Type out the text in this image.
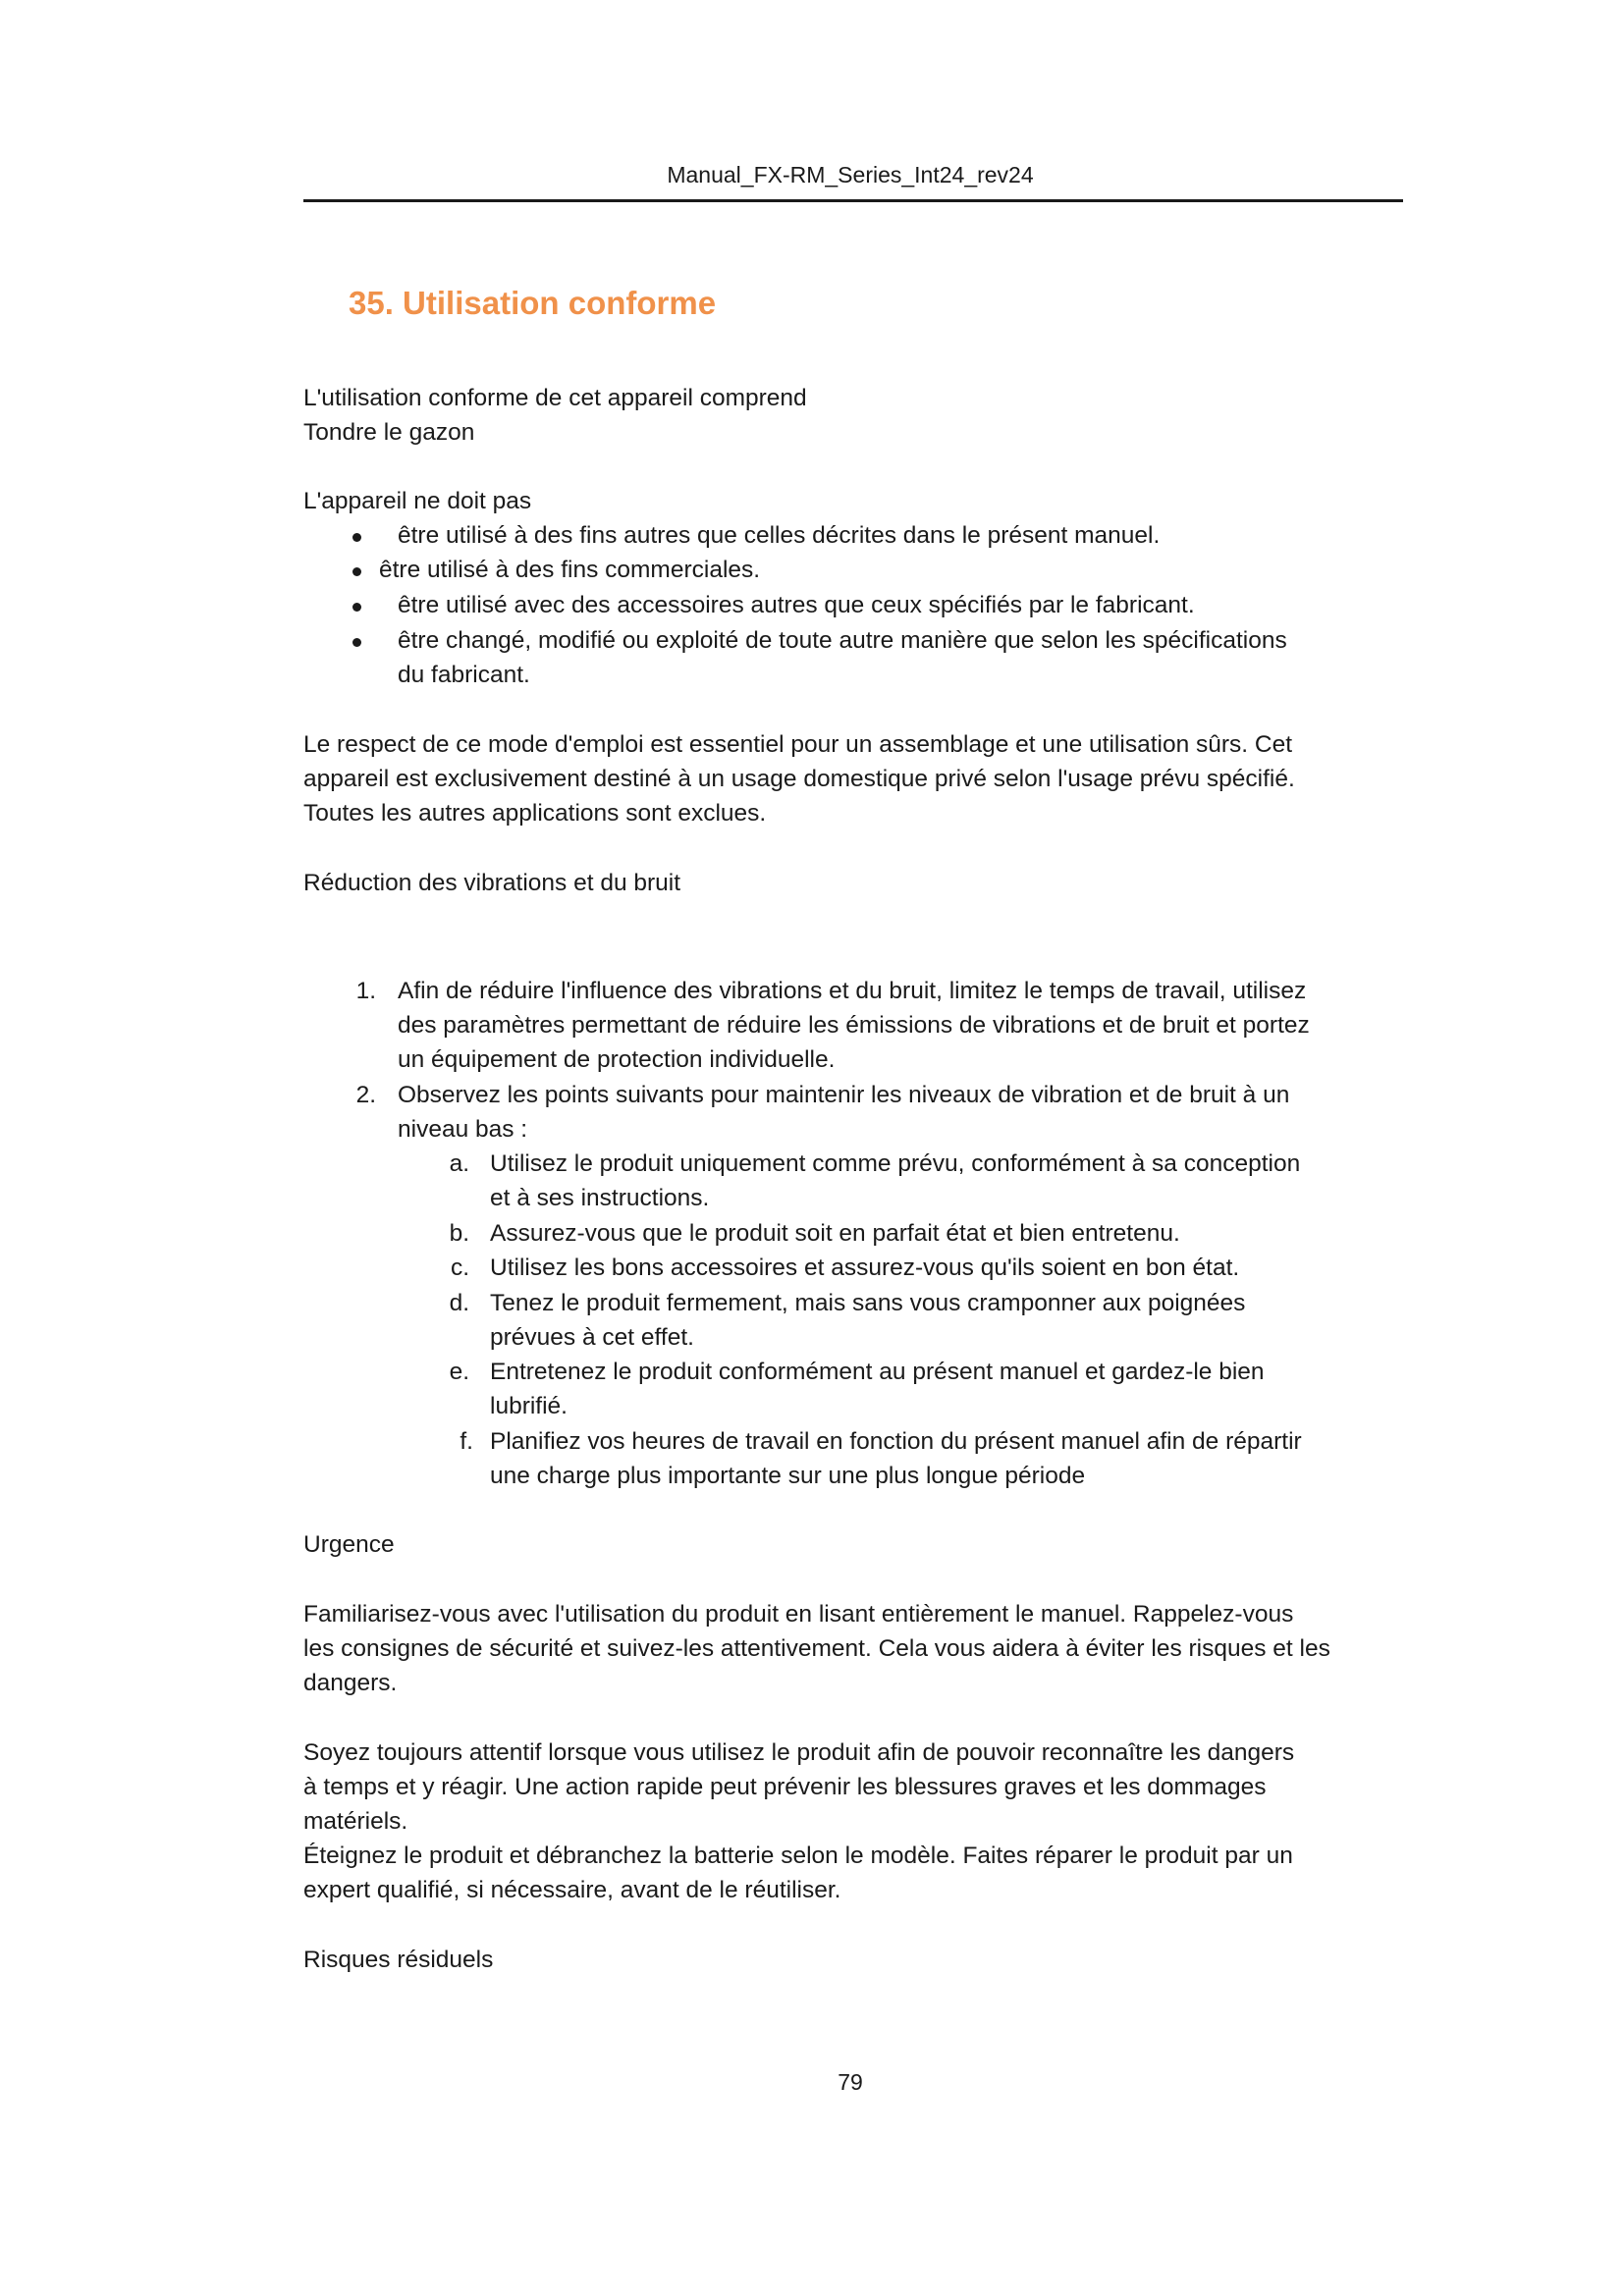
Manual_FX-RM_Series_Int24_rev24
35. Utilisation conforme
L'utilisation conforme de cet appareil comprend
Tondre le gazon
L'appareil ne doit pas
être utilisé à des fins autres que celles décrites dans le présent manuel.
être utilisé à des fins commerciales.
être utilisé avec des accessoires autres que ceux spécifiés par le fabricant.
être changé, modifié ou exploité de toute autre manière que selon les spécifications
du fabricant.
Le respect de ce mode d'emploi est essentiel pour un assemblage et une utilisation sûrs. Cet
appareil est exclusivement destiné à un usage domestique privé selon l'usage prévu spécifié.
Toutes les autres applications sont exclues.
Réduction des vibrations et du bruit
1. Afin de réduire l'influence des vibrations et du bruit, limitez le temps de travail, utilisez
des paramètres permettant de réduire les émissions de vibrations et de bruit et portez
un équipement de protection individuelle.
2. Observez les points suivants pour maintenir les niveaux de vibration et de bruit à un
niveau bas :
a. Utilisez le produit uniquement comme prévu, conformément à sa conception
et à ses instructions.
b. Assurez-vous que le produit soit en parfait état et bien entretenu.
c. Utilisez les bons accessoires et assurez-vous qu'ils soient en bon état.
d. Tenez le produit fermement, mais sans vous cramponner aux poignées
prévues à cet effet.
e. Entretenez le produit conformément au présent manuel et gardez-le bien
lubrifié.
f. Planifiez vos heures de travail en fonction du présent manuel afin de répartir
une charge plus importante sur une plus longue période
Urgence
Familiarisez-vous avec l'utilisation du produit en lisant entièrement le manuel. Rappelez-vous
les consignes de sécurité et suivez-les attentivement. Cela vous aidera à éviter les risques et les
dangers.
Soyez toujours attentif lorsque vous utilisez le produit afin de pouvoir reconnaître les dangers
à temps et y réagir. Une action rapide peut prévenir les blessures graves et les dommages
matériels.
Éteignez le produit et débranchez la batterie selon le modèle. Faites réparer le produit par un
expert qualifié, si nécessaire, avant de le réutiliser.
Risques résiduels
79
